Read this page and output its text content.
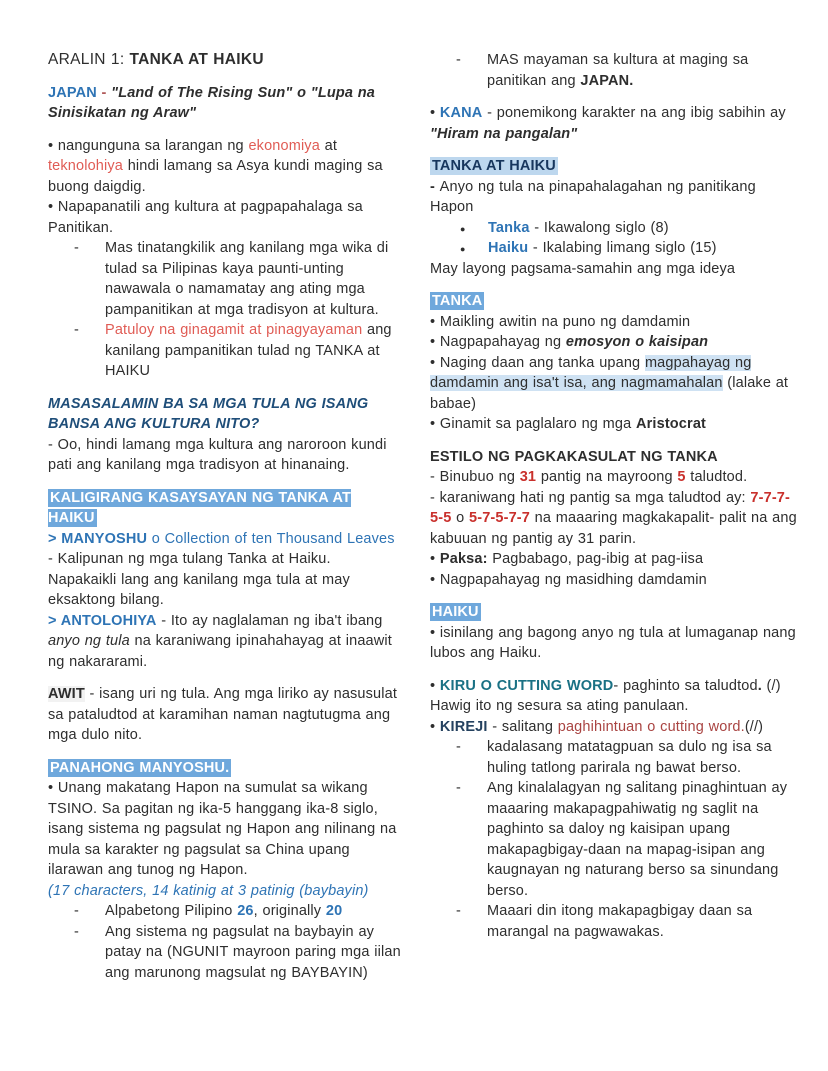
ARALIN 1: TANKA AT HAIKU
JAPAN - "Land of The Rising Sun" o "Lupa na Sinisikatan ng Araw"
• nangunguna sa larangan ng ekonomiya at teknolohiya hindi lamang sa Asya kundi maging sa buong daigdig.
• Napapanatili ang kultura at pagpapahalaga sa Panitikan.
- Mas tinatangkilik ang kanilang mga wika di tulad sa Pilipinas kaya paunti-unting nawawala o namamatay ang ating mga pampanitikan at mga tradisyon at kultura.
- Patuloy na ginagamit at pinagyayaman ang kanilang pampanitikan tulad ng TANKA at HAIKU
MASASALAMIN BA SA MGA TULA NG ISANG BANSA ANG KULTURA NITO?
- Oo, hindi lamang mga kultura ang naroroon kundi pati ang kanilang mga tradisyon at hinanaing.
KALIGIRANG KASAYSAYAN NG TANKA AT HAIKU
> MANYOSHU o Collection of ten Thousand Leaves
- Kalipunan ng mga tulang Tanka at Haiku. Napakaikli lang ang kanilang mga tula at may eksaktong bilang.
> ANTOLOHIYA - Ito ay naglalaman ng iba't ibang anyo ng tula na karaniwang ipinahahayag at inaawit ng nakararami.
AWIT - isang uri ng tula. Ang mga liriko ay nasusulat sa pataludtod at karamihan naman nagtutugma ang mga dulo nito.
PANAHONG MANYOSHU.
• Unang makatang Hapon na sumulat sa wikang TSINO. Sa pagitan ng ika-5 hanggang ika-8 siglo, isang sistema ng pagsulat ng Hapon ang nilinang na mula sa karakter ng pagsulat sa China upang ilarawan ang tunog ng Hapon.
(17 characters, 14 katinig at 3 patinig (baybayin)
- Alpabetong Pilipino 26, originally 20
- Ang sistema ng pagsulat na baybayin ay patay na (NGUNIT mayroon paring mga iilan ang marunong magsulat ng BAYBAYIN)
- MAS mayaman sa kultura at maging sa panitikan ang JAPAN.
• KANA - ponemikong karakter na ang ibig sabihin ay "Hiram na pangalan"
TANKA AT HAIKU
- Anyo ng tula na pinapahalagahan ng panitikang Hapon
● Tanka - Ikawalong siglo (8)
● Haiku - Ikalabing limang siglo (15)
May layong pagsama-samahin ang mga ideya
TANKA
• Maikling awitin na puno ng damdamin
• Nagpapahayag ng emosyon o kaisipan
• Naging daan ang tanka upang magpahayag ng damdamin ang isa't isa, ang nagmamahalan (lalake at babae)
• Ginamit sa paglalaro ng mga Aristocrat
ESTILO NG PAGKAKASULAT NG TANKA
- Binubuo ng 31 pantig na mayroong 5 taludtod.
- karaniwang hati ng pantig sa mga taludtod ay: 7-7-7-5-5 o 5-7-5-7-7 na maaaring magkakapalit- palit na ang kabuuan ng pantig ay 31 parin.
• Paksa: Pagbabago, pag-ibig at pag-iisa
• Nagpapahayag ng masidhing damdamin
HAIKU
• isinilang ang bagong anyo ng tula at lumaganap nang lubos ang Haiku.
• KIRU O CUTTING WORD- paghinto sa taludtod. (/) Hawig ito ng sesura sa ating panulaan.
• KIREJI - salitang paghihintuan o cutting word.(//)
- kadalasang matatagpuan sa dulo ng isa sa huling tatlong parirala ng bawat berso.
- Ang kinalalagyan ng salitang pinaghintuan ay maaaring makapagpahiwatig ng saglit na paghinto sa daloy ng kaisipan upang makapagbigay-daan na mapag-isipan ang kaugnayan ng naturang berso sa sinundang berso.
- Maaari din itong makapagbigay daan sa marangal na pagwawakas.
